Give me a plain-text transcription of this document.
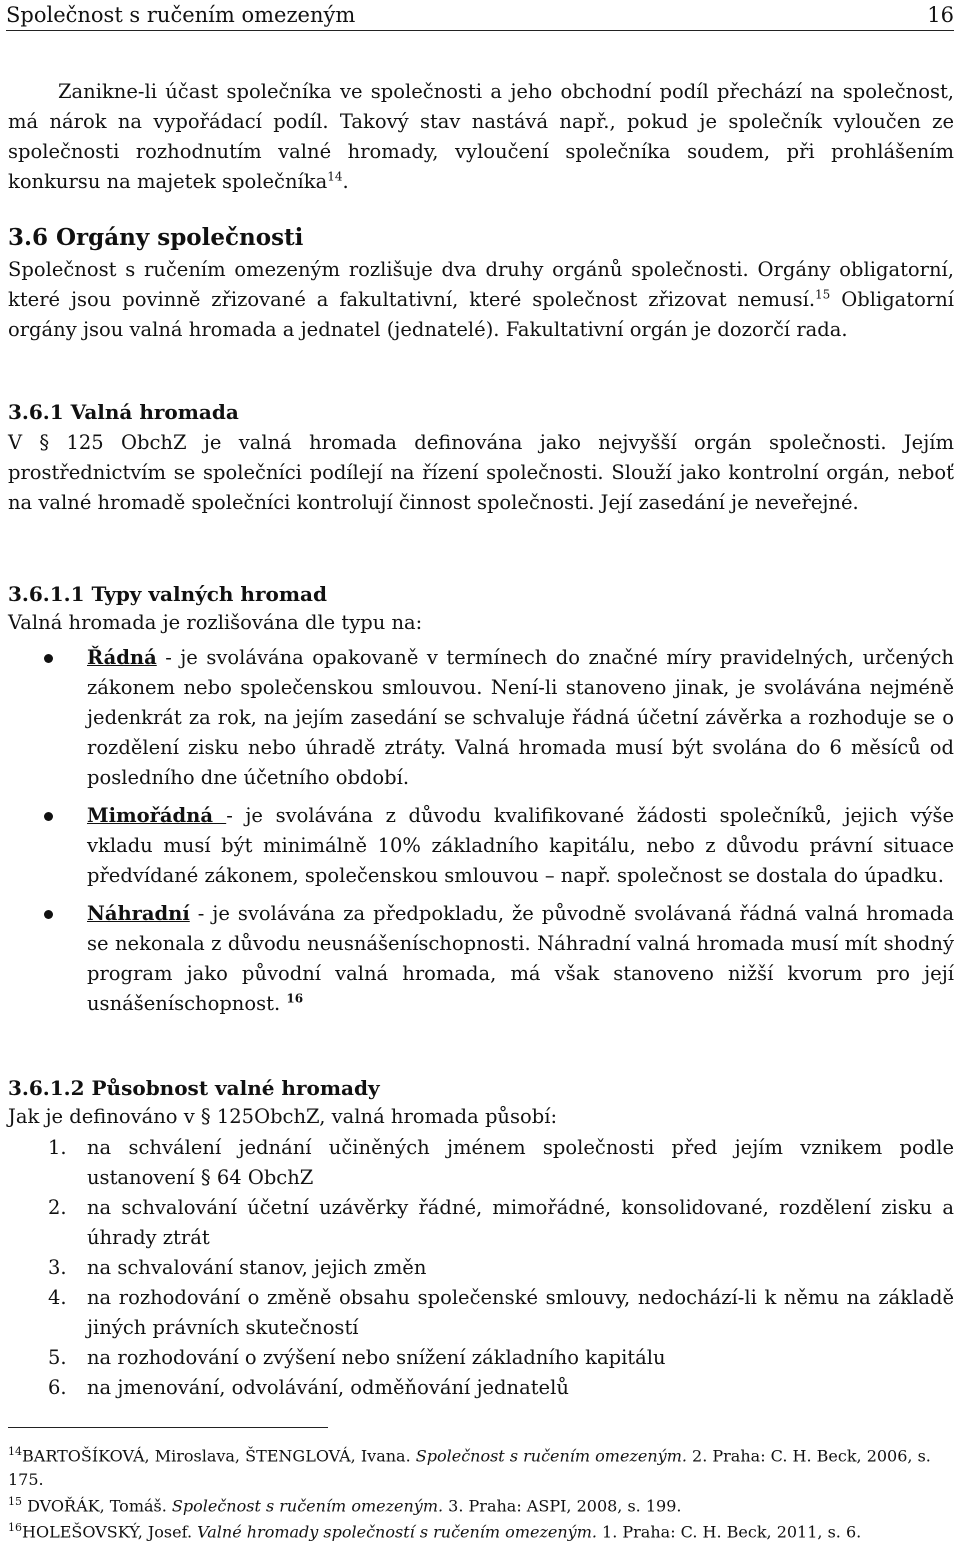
Společnost s ručením omezeným	16

Zanikne-li účast společníka ve společnosti a jeho obchodní podíl přechází na společnost, má nárok na vypořádací podíl. Takový stav nastává např., pokud je společník vyloučen ze společnosti rozhodnutím valné hromady, vyloučení společníka soudem, při prohlášením konkursu na majetek společníka$^{14}$.

3.6 Orgány společnosti

Společnost s ručením omezeným rozlišuje dva druhy orgánů společnosti. Orgány obligatorní, které jsou povinně zřizované a fakultativní, které společnost zřizovat nemusí.$^{15}$ Obligatorní orgány jsou valná hromada a jednatel (jednatelé). Fakultativní orgán je dozorčí rada.

3.6.1 Valná hromada

V § 125 ObchZ je valná hromada definována jako nejvyšší orgán společnosti. Jejím prostřednictvím se společníci podílejí na řízení společnosti. Slouží jako kontrolní orgán, neboť na valné hromadě společníci kontrolují činnost společnosti. Její zasedání je neveřejné.

3.6.1.1 Typy valných hromad

Valná hromada je rozlišována dle typu na:

Řádná - je svolávána opakovaně v termínech do značné míry pravidelných, určených zákonem nebo společenskou smlouvou. Není-li stanoveno jinak, je svolávána nejméně jedenkrát za rok, na jejím zasedání se schvaluje řádná účetní závěrka a rozhoduje se o rozdělení zisku nebo úhradě ztráty. Valná hromada musí být svolána do 6 měsíců od posledního dne účetního období.
Mimořádná - je svolávána z důvodu kvalifikované žádosti společníků, jejich výše vkladu musí být minimálně 10% základního kapitálu, nebo z důvodu právní situace předvídané zákonem, společenskou smlouvou – např. společnost se dostala do úpadku.
Náhradní - je svolávána za předpokladu, že původně svolávaná řádná valná hromada se nekonala z důvodu neusnášeníschopnosti. Náhradní valná hromada musí mít shodný program jako původní valná hromada, má však stanoveno nižší kvorum pro její usnášeníschopnost. $^{16}$
3.6.1.2 Působnost valné hromady

Jak je definováno v § 125ObchZ, valná hromada působí:

1. na schválení jednání učiněných jménem společnosti před jejím vznikem podle ustanovení § 64 ObchZ
2. na schvalování účetní uzávěrky řádné, mimořádné, konsolidované, rozdělení zisku a úhrady ztrát
3. na schvalování stanov, jejich změn
4. na rozhodování o změně obsahu společenské smlouvy, nedochází-li k němu na základě jiných právních skutečností
5. na rozhodování o zvýšení nebo snížení základního kapitálu
6. na jmenování, odvolávání, odměňování jednatelů

$^{14}$BARTOŠÍKOVÁ, Miroslava, ŠTENGLOVÁ, Ivana. Společnost s ručením omezeným. 2. Praha: C. H. Beck, 2006, s. 175.

$^{15}$ DVOŘÁK, Tomáš. Společnost s ručením omezeným. 3. Praha: ASPI, 2008, s. 199.

$^{16}$HOLEŠOVSKÝ, Josef. Valné hromady společností s ručením omezeným. 1. Praha: C. H. Beck, 2011, s. 6.
